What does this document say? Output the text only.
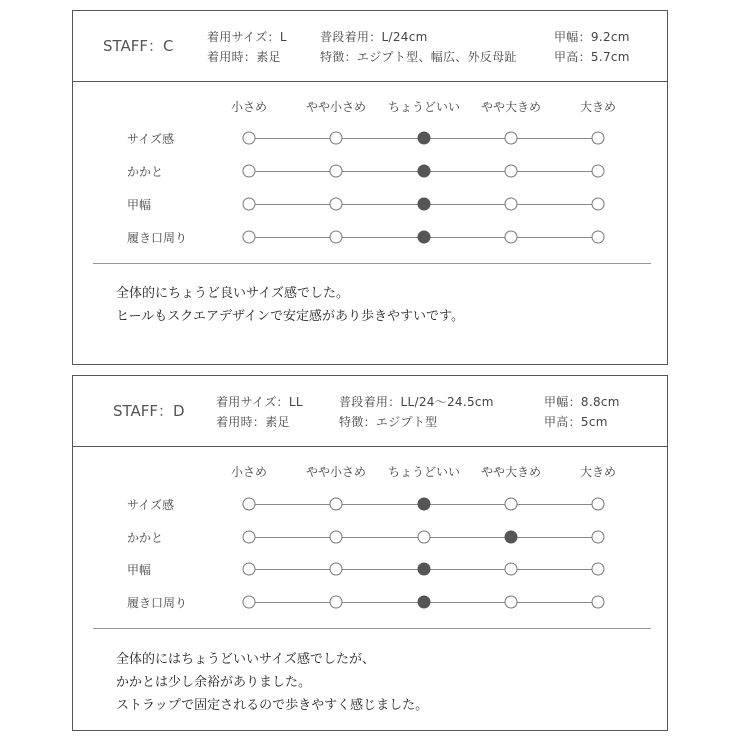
STAFF：C	着用サイズ：L
着用時：素足
普段着用：L/24cm
特徴：エジプト型、幅広、外反母趾
甲幅：9.2cm
甲高：5.7cm
小さめ	やや小さめ ちょうどいい やや大きめ	大きめ
サイズ感
かかと
甲幅
履き口周り
全体的にちょうど良いサイズ感でした。
ヒールもスクエアデザインで安定感があり歩きやすいです。
STAFF：D	着用サイズ：LL
着用時：素足
普段着用：LL/24～24.5cm
特徴：エジプト型
甲幅：8.8cm
甲高：5cm
小さめ	やや小さめ ちょうどいい やや大きめ	大きめ
サイズ感
かかと
甲幅
履き口周り
全体的にはちょうどいいサイズ感でしたが、
かかとは少し余裕がありました。
ストラップで固定されるので歩きやすく感じました。
